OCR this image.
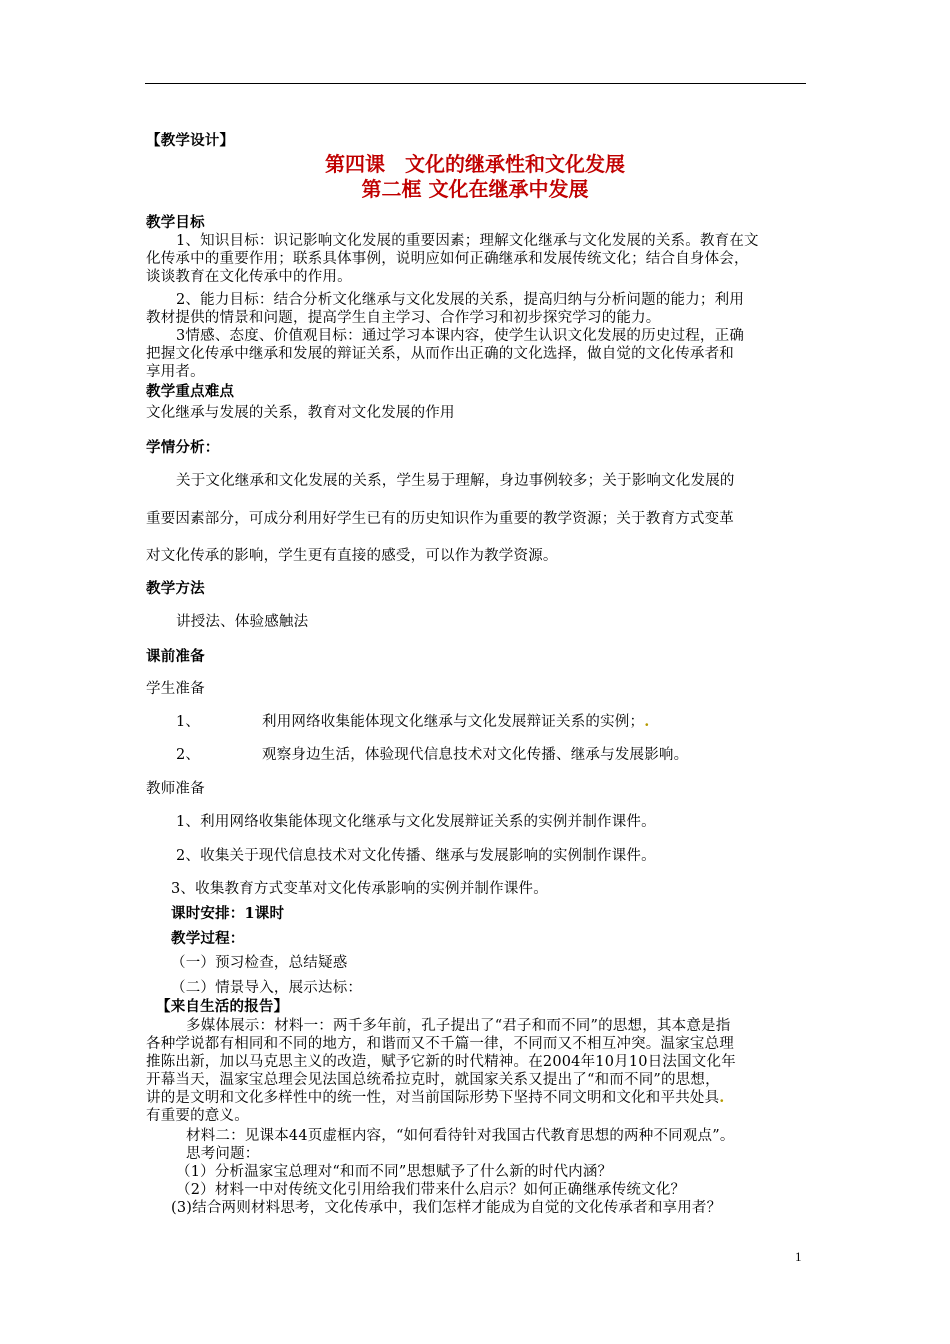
【教学设计】
第四课　文化的继承性和文化发展
第二框 文化在继承中发展
教学目标
1、知识目标：识记影响文化发展的重要因素；理解文化继承与文化发展的关系。教育在文
化传承中的重要作用；联系具体事例，说明应如何正确继承和发展传统文化；结合自身体会，
谈谈教育在文化传承中的作用。
2、能力目标：结合分析文化继承与文化发展的关系，提高归纳与分析问题的能力；利用
教材提供的情景和问题，提高学生自主学习、合作学习和初步探究学习的能力。
3情感、态度、价值观目标：通过学习本课内容，使学生认识文化发展的历史过程，正确
把握文化传承中继承和发展的辩证关系，从而作出正确的文化选择，做自觉的文化传承者和
享用者。
教学重点难点
文化继承与发展的关系，教育对文化发展的作用
学情分析：
关于文化继承和文化发展的关系，学生易于理解，身边事例较多；关于影响文化发展的
重要因素部分，可成分利用好学生已有的历史知识作为重要的教学资源；关于教育方式变革
对文化传承的影响，学生更有直接的感受，可以作为教学资源。
教学方法
讲授法、体验感触法
课前准备
学生准备
1、	利用网络收集能体现文化继承与文化发展辩证关系的实例；.
2、	观察身边生活，体验现代信息技术对文化传播、继承与发展影响。
教师准备
1、利用网络收集能体现文化继承与文化发展辩证关系的实例并制作课件。
2、收集关于现代信息技术对文化传播、继承与发展影响的实例制作课件。
3、收集教育方式变革对文化传承影响的实例并制作课件。
课时安排：1课时
教学过程：
（一）预习检查，总结疑惑
（二）情景导入，展示达标：
【来自生活的报告】
多媒体展示：材料一：两千多年前，孔子提出了“君子和而不同”的思想，其本意是指
各种学说都有相同和不同的地方，和谐而又不千篇一律，不同而又不相互冲突。温家宝总理
推陈出新，加以马克思主义的改造，赋予它新的时代精神。在2004年10月10日法国文化年
开幕当天，温家宝总理会见法国总统希拉克时，就国家关系又提出了“和而不同”的思想，
讲的是文明和文化多样性中的统一性，对当前国际形势下坚持不同文明和文化和平共处具.
有重要的意义。
材料二：见课本44页虚框内容，“如何看待针对我国古代教育思想的两种不同观点”。
思考问题：
（1）分析温家宝总理对“和而不同”思想赋予了什么新的时代内涵？
（2）材料一中对传统文化引用给我们带来什么启示？如何正确继承传统文化？
(3)结合两则材料思考，文化传承中，我们怎样才能成为自觉的文化传承者和享用者？
1
